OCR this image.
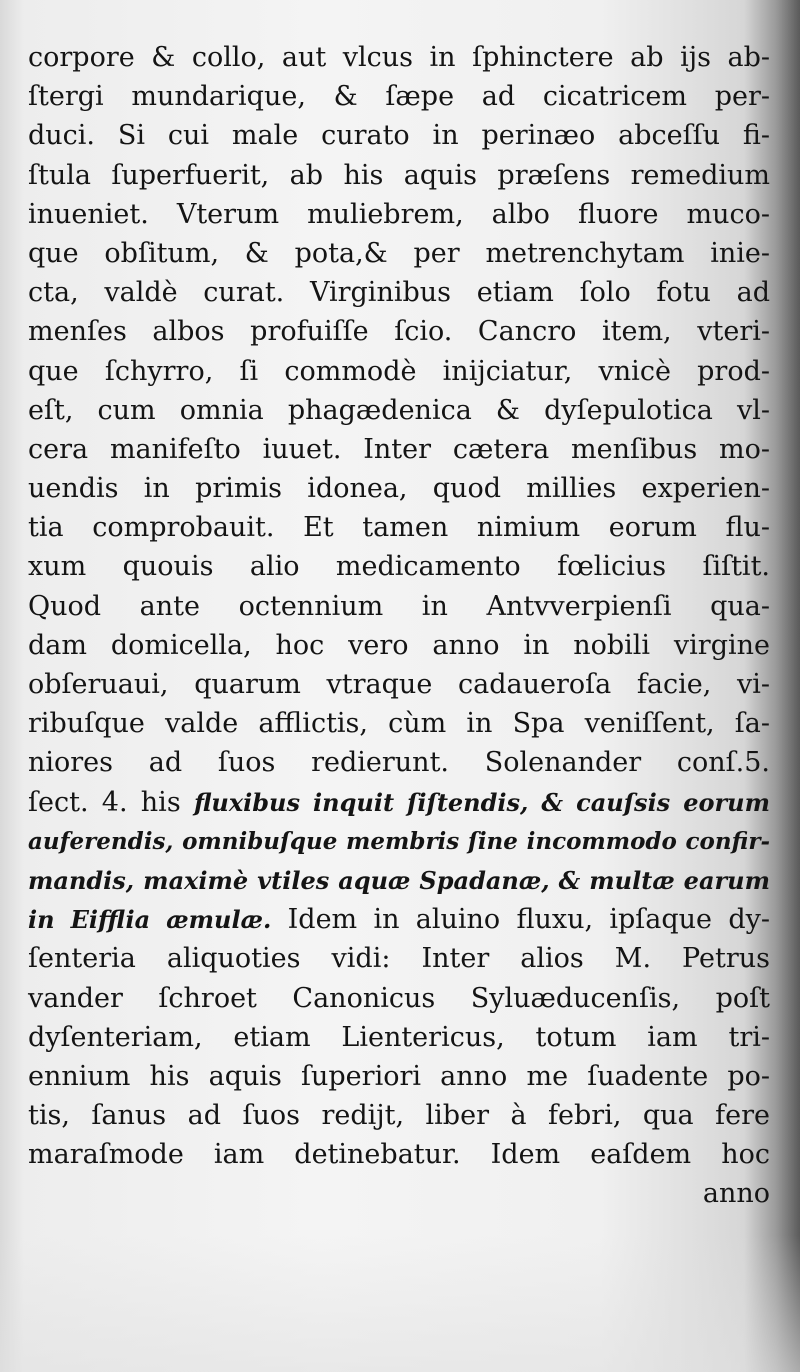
corpore & collo, aut vlcus in ſphinctere ab ijs ab-
ſtergi mundarique, & ſæpe ad cicatricem per-
duci. Si cui male curato in perinæo abceſſu fi-
ſtula ſuperfuerit, ab his aquis præſens remedium
inueniet. Vterum muliebrem, albo fluore muco-
que obſitum, & pota,& per metrenchytam inie-
cta, valdè curat. Virginibus etiam ſolo fotu ad
menſes albos profuiſſe ſcio. Cancro item, vteri-
que ſchyrro, ſi commodè inijciatur, vnicè prod-
eſt, cum omnia phagædenica & dyſepulotica vl-
cera manifeſto iuuet. Inter cætera menſibus mo-
uendis in primis idonea, quod millies experien-
tia comprobauit. Et tamen nimium eorum flu-
xum quouis alio medicamento fœlicius ſiſtit.
Quod ante octennium in Antvverpienſi qua-
dam domicella, hoc vero anno in nobili virgine
obſeruaui, quarum vtraque cadaueroſa facie, vi-
ribuſque valde afflictis, cùm in Spa veniſſent, ſa-
niores ad ſuos redierunt. Solenander conſ.5.
ſect. 4. his fluxibus inquit ſiſtendis, & cauſsis eorum
auferendis, omnibuſque membris ſine incommodo confir-
mandis, maximè vtiles aquæ Spadanæ, & multæ earum
in Eifflia æmulæ. Idem in aluino fluxu, ipſaque dy-
ſenteria aliquoties vidi: Inter alios M. Petrus
vander ſchroet Canonicus Syluæducenſis, poſt
dyſenteriam, etiam Lientericus, totum iam tri-
ennium his aquis ſuperiori anno me ſuadente po-
tis, ſanus ad ſuos redijt, liber à febri, qua fere
maraſmode iam detinebatur. Idem eaſdem hoc
anno
